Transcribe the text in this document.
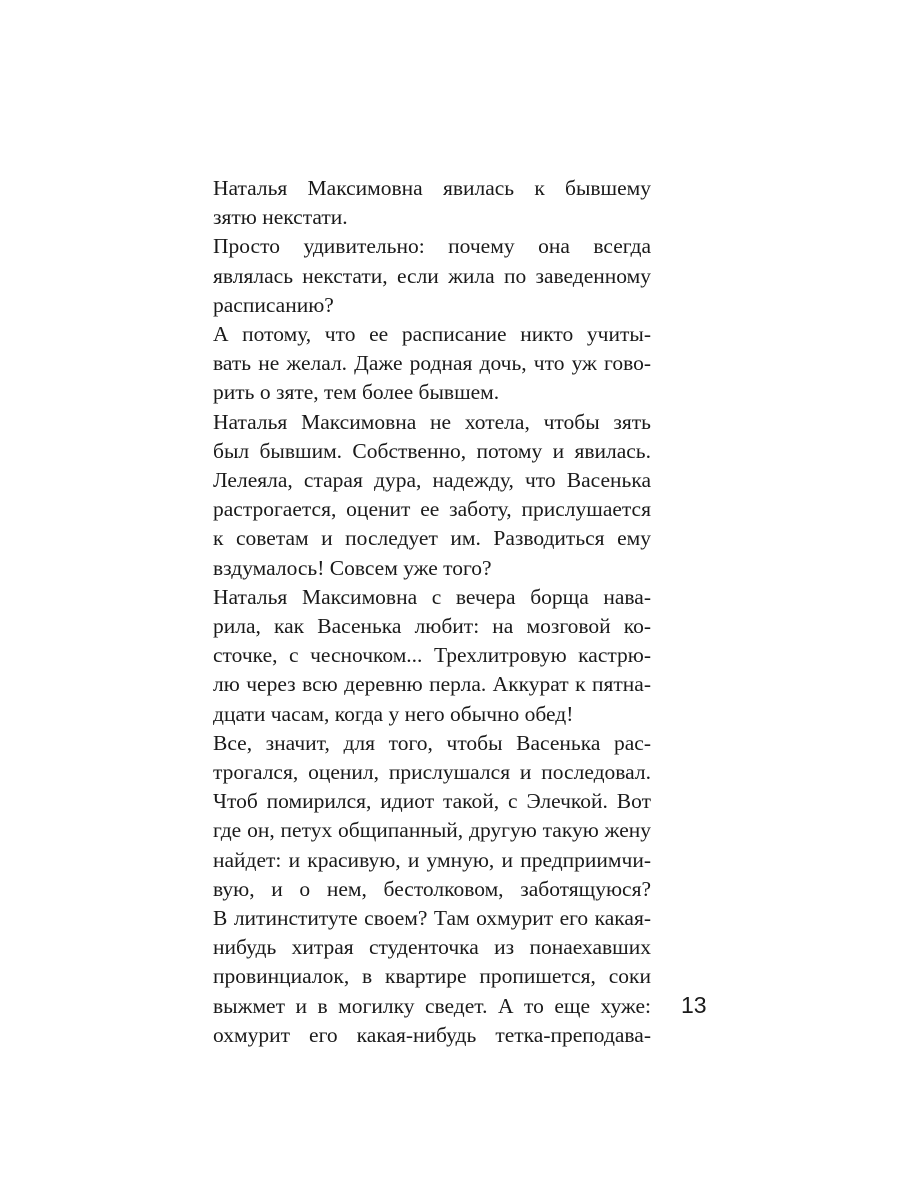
Наталья Максимовна явилась к бывшему
зятю некстати.

Просто удивительно: почему она всегда
являлась некстати, если жила по заведенному
расписанию?

А потому, что ее расписание никто учиты-
вать не желал. Даже родная дочь, что уж гово-
рить о зяте, тем более бывшем.

Наталья Максимовна не хотела, чтобы зять
был бывшим. Собственно, потому и явилась.
Лелеяла, старая дура, надежду, что Васенька
растрогается, оценит ее заботу, прислушается
к советам и последует им. Разводиться ему
вздумалось! Совсем уже того?

Наталья Максимовна с вечера борща нава-
рила, как Васенька любит: на мозговой ко-
сточке, с чесночком... Трехлитровую кастрю-
лю через всю деревню перла. Аккурат к пятна-
дцати часам, когда у него обычно обед!

Все, значит, для того, чтобы Васенька рас-
трогался, оценил, прислушался и последовал.
Чтоб помирился, идиот такой, с Элечкой. Вот
где он, петух общипанный, другую такую жену
найдет: и красивую, и умную, и предприимчи-
вую, и о нем, бестолковом, заботящуюся?
В литинституте своем? Там охмурит его какая-
нибудь хитрая студенточка из понаехавших
провинциалок, в квартире пропишется, соки
выжмет и в могилку сведет. А то еще хуже:
охмурит его какая-нибудь тетка-преподава-

13
